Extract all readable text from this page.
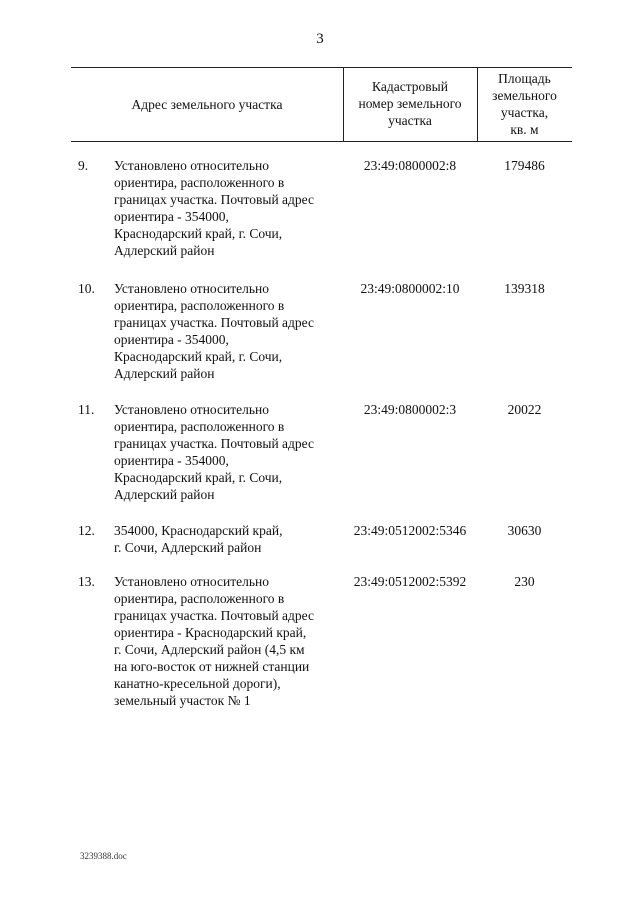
3
Адрес земельного участка
Кадастровый
номер земельного
участка
Площадь
земельного
участка,
кв. м
9.	Установлено относительно
ориентира, расположенного в
границах участка. Почтовый адрес
ориентира - 354000,
Краснодарский край, г. Сочи,
Адлерский район
23:49:0800002:8	179486
10.	Установлено относительно
ориентира, расположенного в
границах участка. Почтовый адрес
ориентира - 354000,
Краснодарский край, г. Сочи,
Адлерский район
23:49:0800002:10	139318
11.	Установлено относительно
ориентира, расположенного в
границах участка. Почтовый адрес
ориентира - 354000,
Краснодарский край, г. Сочи,
Адлерский район
23:49:0800002:3	20022
12.	354000, Краснодарский край,
г. Сочи, Адлерский район
23:49:0512002:5346	30630
13.	Установлено относительно
ориентира, расположенного в
границах участка. Почтовый адрес
ориентира - Краснодарский край,
г. Сочи, Адлерский район (4,5 км
на юго-восток от нижней станции
канатно-кресельной дороги),
земельный участок № 1
23:49:0512002:5392	230
3239388.doc
